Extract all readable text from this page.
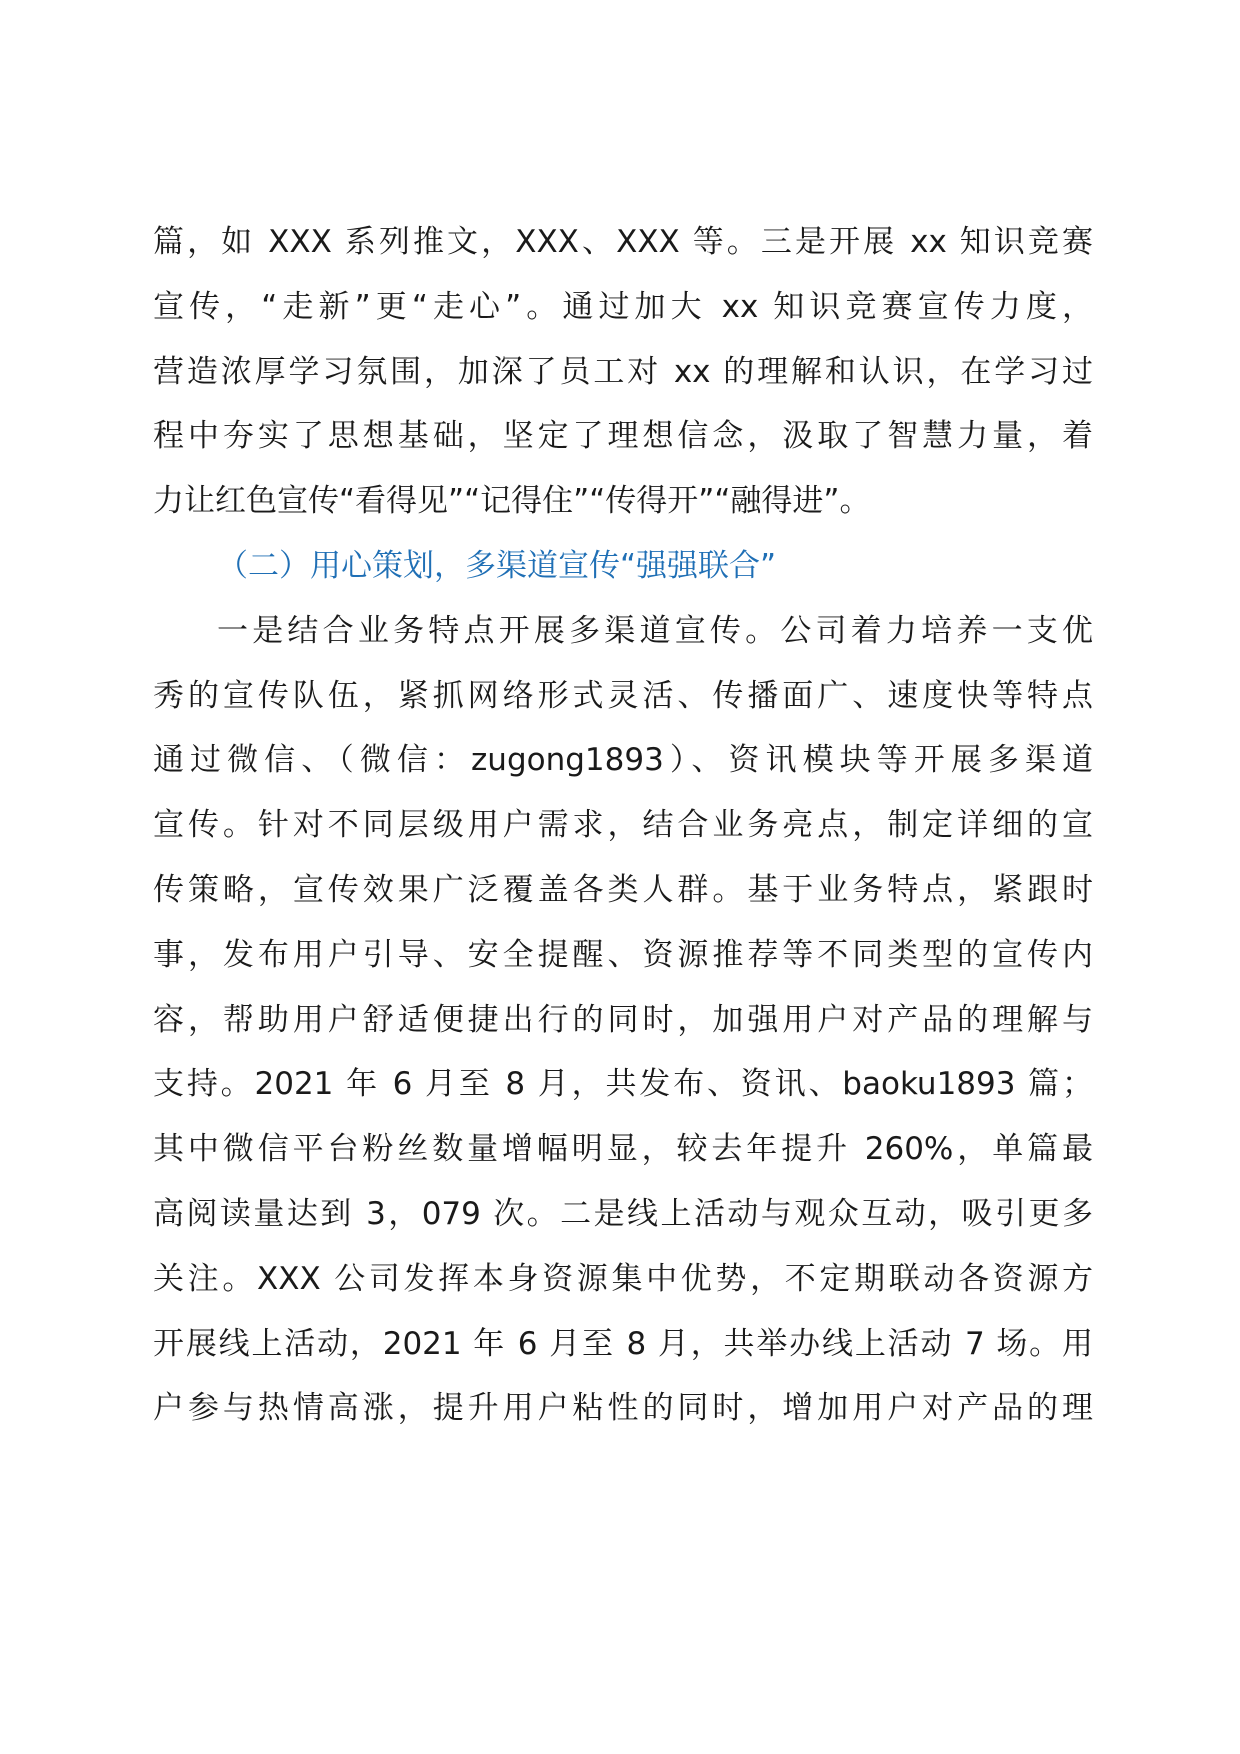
篇，如 XXX 系列推文，XXX、XXX 等。三是开展 xx 知识竞赛
宣传，“走新”更“走心”。通过加大 xx 知识竞赛宣传力度，
营造浓厚学习氛围，加深了员工对 xx 的理解和认识，在学习过
程中夯实了思想基础，坚定了理想信念，汲取了智慧力量，着
力让红色宣传“看得见”“记得住”“传得开”“融得进”。
（二）用心策划，多渠道宣传“强强联合”
一是结合业务特点开展多渠道宣传。公司着力培养一支优
秀的宣传队伍，紧抓网络形式灵活、传播面广、速度快等特点
通过微信、（微信：zugong1893）、资讯模块等开展多渠道
宣传。针对不同层级用户需求，结合业务亮点，制定详细的宣
传策略，宣传效果广泛覆盖各类人群。基于业务特点，紧跟时
事，发布用户引导、安全提醒、资源推荐等不同类型的宣传内
容，帮助用户舒适便捷出行的同时，加强用户对产品的理解与
支持。2021 年 6 月至 8 月，共发布、资讯、baoku1893 篇；
其中微信平台粉丝数量增幅明显，较去年提升 260%，单篇最
高阅读量达到 3，079 次。二是线上活动与观众互动，吸引更多
关注。XXX 公司发挥本身资源集中优势，不定期联动各资源方
开展线上活动，2021 年 6 月至 8 月，共举办线上活动 7 场。用
户参与热情高涨，提升用户粘性的同时，增加用户对产品的理
